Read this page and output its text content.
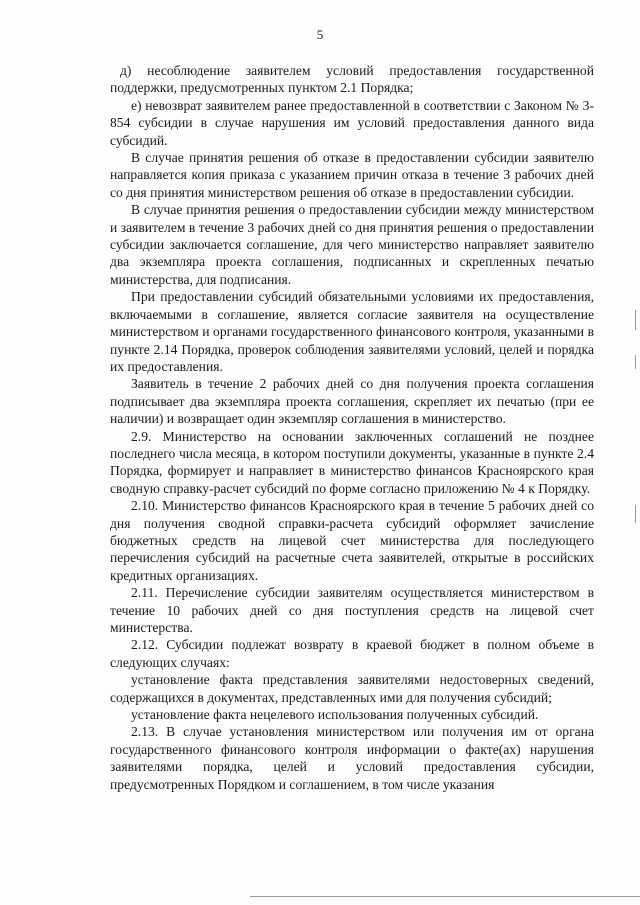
5

д) несоблюдение заявителем условий предоставления государственной поддержки, предусмотренных пунктом 2.1 Порядка;

е) невозврат заявителем ранее предоставленной в соответствии с Законом № 3-854 субсидии в случае нарушения им условий предоставления данного вида субсидий.

В случае принятия решения об отказе в предоставлении субсидии заявителю направляется копия приказа с указанием причин отказа в течение 3 рабочих дней со дня принятия министерством решения об отказе в предоставлении субсидии.

В случае принятия решения о предоставлении субсидии между министерством и заявителем в течение 3 рабочих дней со дня принятия решения о предоставлении субсидии заключается соглашение, для чего министерство направляет заявителю два экземпляра проекта соглашения, подписанных и скрепленных печатью министерства, для подписания.

При предоставлении субсидий обязательными условиями их предоставления, включаемыми в соглашение, является согласие заявителя на осуществление министерством и органами государственного финансового контроля, указанными в пункте 2.14 Порядка, проверок соблюдения заявителями условий, целей и порядка их предоставления.

Заявитель в течение 2 рабочих дней со дня получения проекта соглашения подписывает два экземпляра проекта соглашения, скрепляет их печатью (при ее наличии) и возвращает один экземпляр соглашения в министерство.

2.9. Министерство на основании заключенных соглашений не позднее последнего числа месяца, в котором поступили документы, указанные в пункте 2.4 Порядка, формирует и направляет в министерство финансов Красноярского края сводную справку-расчет субсидий по форме согласно приложению № 4 к Порядку.

2.10. Министерство финансов Красноярского края в течение 5 рабочих дней со дня получения сводной справки-расчета субсидий оформляет зачисление бюджетных средств на лицевой счет министерства для последующего перечисления субсидий на расчетные счета заявителей, открытые в российских кредитных организациях.

2.11. Перечисление субсидии заявителям осуществляется министерством в течение 10 рабочих дней со дня поступления средств на лицевой счет министерства.

2.12. Субсидии подлежат возврату в краевой бюджет в полном объеме в следующих случаях:

установление факта представления заявителями недостоверных сведений, содержащихся в документах, представленных ими для получения субсидий;

установление факта нецелевого использования полученных субсидий.

2.13. В случае установления министерством или получения им от органа государственного финансового контроля информации о факте(ах) нарушения заявителями порядка, целей и условий предоставления субсидии, предусмотренных Порядком и соглашением, в том числе указания
